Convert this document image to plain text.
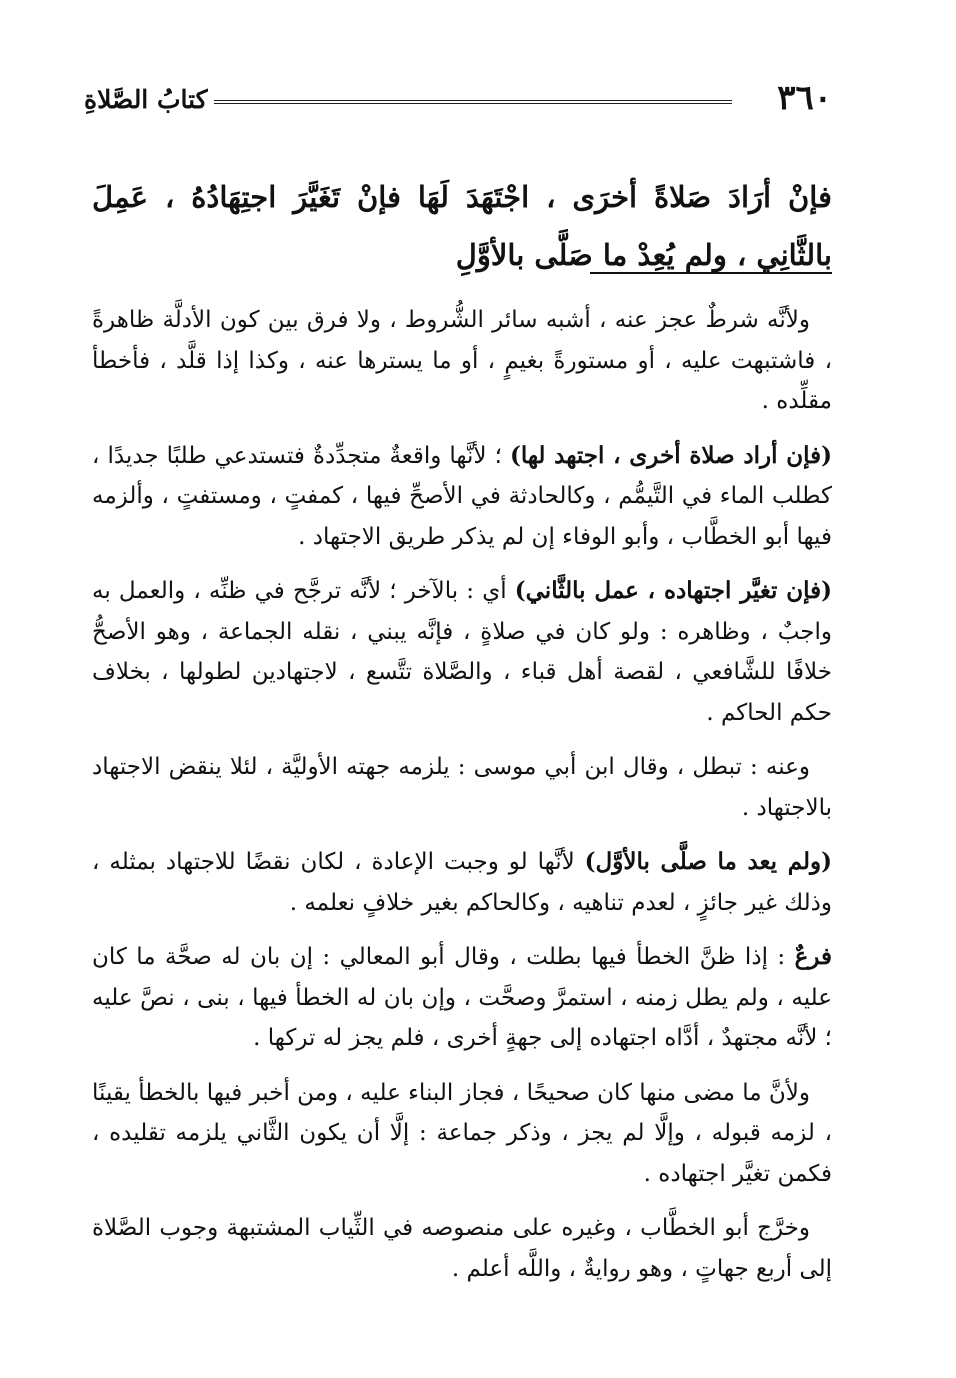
٣٦٠
كتابُ الصَّلاةِ
فإنْ أرَادَ صَلاةً أخرَى ، اجْتَهَدَ لَهَا فإنْ تَغَيَّرَ اجتِهَادُهُ ، عَمِلَ بالثَّانِي ، ولم يُعِدْ ما صَلَّى بالأوَّلِ

ولأنَّه شرطٌ عجز عنه ، أشبه سائر الشُّروط ، ولا فرق بين كون الأدلَّة ظاهرةً ، فاشتبهت عليه ، أو مستورةً بغيمٍ ، أو ما يسترها عنه ، وكذا إذا قلَّد ، فأخطأ مقلِّده .

(فإن أراد صلاة أخرى ، اجتهد لها) ؛ لأنَّها واقعةٌ متجدِّدةٌ فتستدعي طلبًا جديدًا ، كطلب الماء في التَّيمُّم ، وكالحادثة في الأصحِّ فيها ، كمفتٍ ، ومستفتٍ ، وألزمه فيها أبو الخطَّاب ، وأبو الوفاء إن لم يذكر طريق الاجتهاد .

(فإن تغيَّر اجتهاده ، عمل بالثَّاني) أي : بالآخر ؛ لأنَّه ترجَّح في ظنِّه ، والعمل به واجبٌ ، وظاهره : ولو كان في صلاةٍ ، فإنَّه يبني ، نقله الجماعة ، وهو الأصحُّ خلافًا للشَّافعي ، لقصة أهل قباء ، والصَّلاة تتَّسع ، لاجتهادين لطولها ، بخلاف حكم الحاكم .

وعنه : تبطل ، وقال ابن أبي موسى : يلزمه جهته الأوليَّة ، لئلا ينقض الاجتهاد بالاجتهاد .

(ولم يعد ما صلَّى بالأوَّل) لأنَّها لو وجبت الإعادة ، لكان نقضًا للاجتهاد بمثله ، وذلك غير جائزٍ ، لعدم تناهيه ، وكالحاكم بغير خلافٍ نعلمه .

فرعٌ : إذا ظنَّ الخطأ فيها بطلت ، وقال أبو المعالي : إن بان له صحَّة ما كان عليه ، ولم يطل زمنه ، استمرَّ وصحَّت ، وإن بان له الخطأ فيها ، بنى ، نصَّ عليه ؛ لأنَّه مجتهدٌ ، أدَّاه اجتهاده إلى جهةٍ أخرى ، فلم يجز له تركها .

ولأنَّ ما مضى منها كان صحيحًا ، فجاز البناء عليه ، ومن أخبر فيها بالخطأ يقينًا ، لزمه قبوله ، وإلَّا لم يجز ، وذكر جماعة : إلَّا أن يكون الثَّاني يلزمه تقليده ، فكمن تغيَّر اجتهاده .

وخرَّج أبو الخطَّاب ، وغيره على منصوصه في الثِّياب المشتبهة وجوب الصَّلاة إلى أربع جهاتٍ ، وهو روايةٌ ، واللَّه أعلم .
